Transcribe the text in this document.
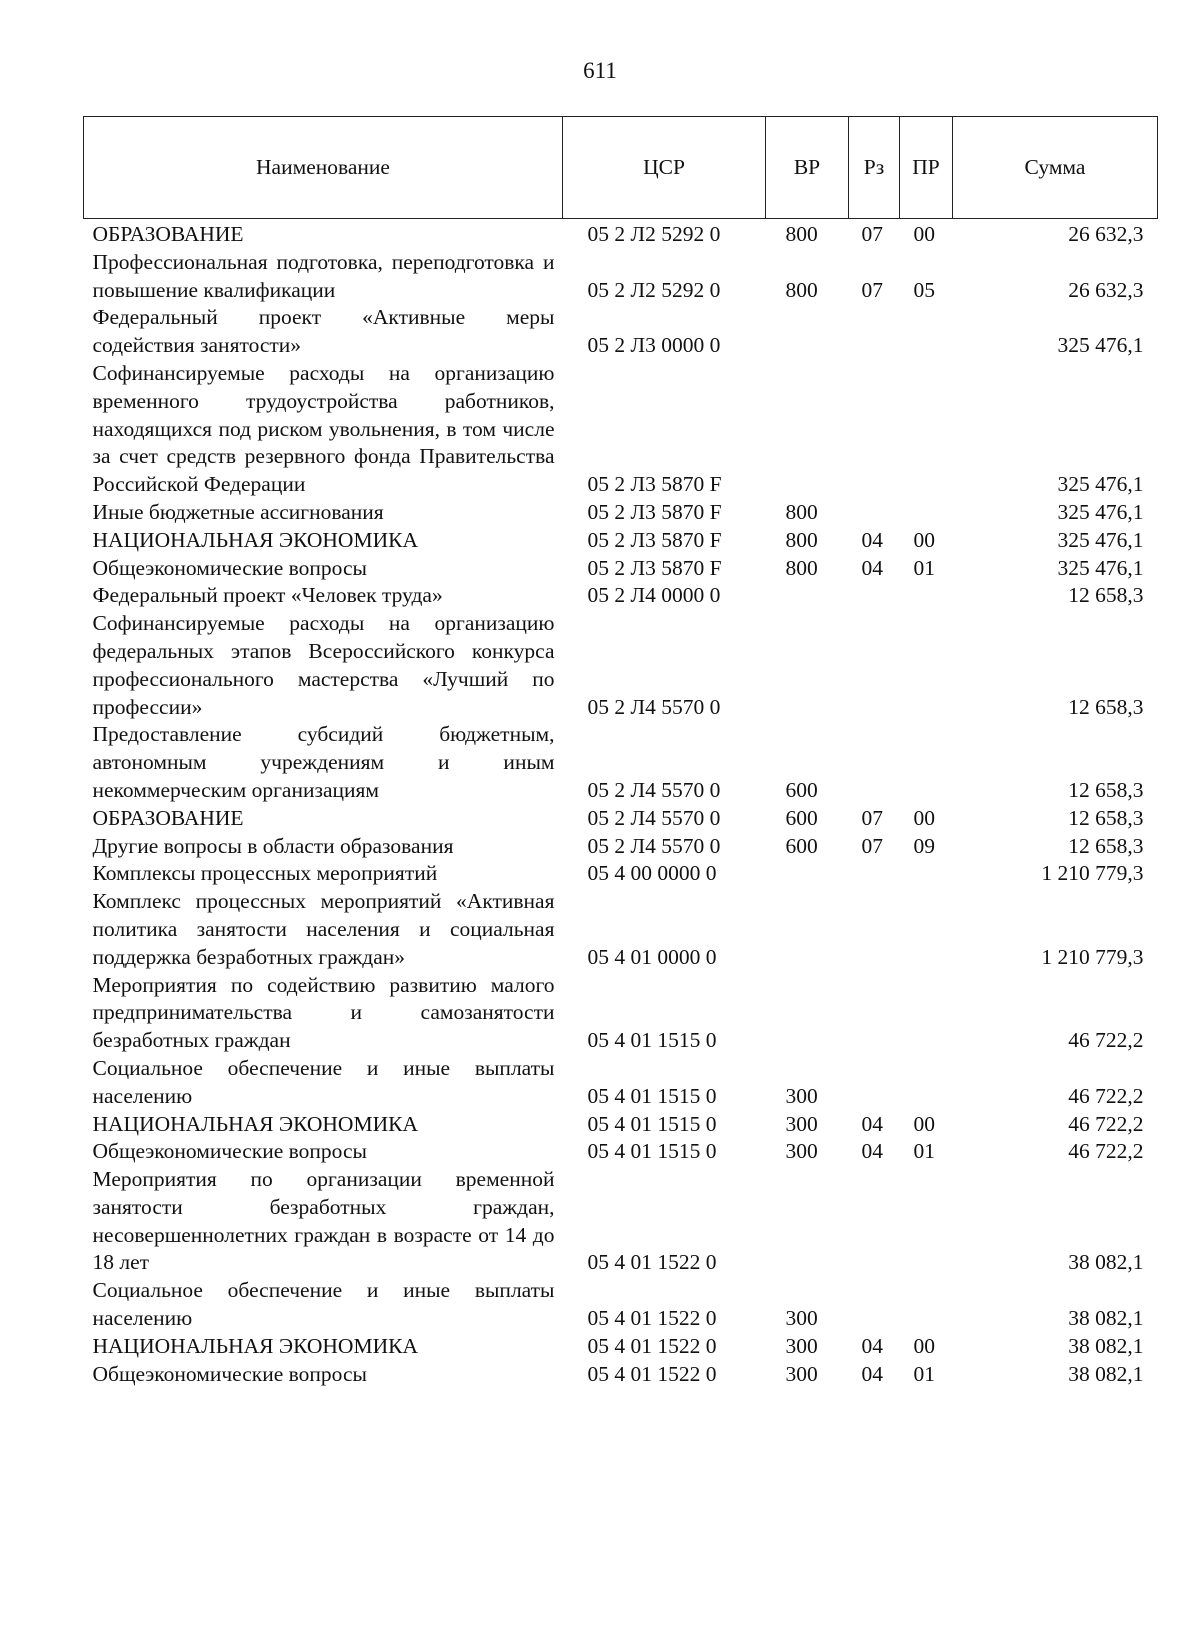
611
Наименование	ЦСР	ВР	Рз	ПР	Сумма
ОБРАЗОВАНИЕ	05 2 Л2 5292 0	800	07	00	26 632,3
Профессиональная подготовка, переподготовка и повышение квалификации	05 2 Л2 5292 0	800	07	05	26 632,3
Федеральный проект «Активные меры содействия занятости»	05 2 Л3 0000 0				325 476,1
Софинансируемые расходы на организацию временного трудоустройства работников, находящихся под риском увольнения, в том числе за счет средств резервного фонда Правительства Российской Федерации	05 2 Л3 5870 F				325 476,1
Иные бюджетные ассигнования	05 2 Л3 5870 F	800			325 476,1
НАЦИОНАЛЬНАЯ ЭКОНОМИКА	05 2 Л3 5870 F	800	04	00	325 476,1
Общеэкономические вопросы	05 2 Л3 5870 F	800	04	01	325 476,1
Федеральный проект «Человек труда»	05 2 Л4 0000 0				12 658,3
Софинансируемые расходы на организацию федеральных этапов Всероссийского конкурса профессионального мастерства «Лучший по профессии»	05 2 Л4 5570 0				12 658,3
Предоставление субсидий бюджетным, автономным учреждениям и иным некоммерческим организациям	05 2 Л4 5570 0	600			12 658,3
ОБРАЗОВАНИЕ	05 2 Л4 5570 0	600	07	00	12 658,3
Другие вопросы в области образования	05 2 Л4 5570 0	600	07	09	12 658,3
Комплексы процессных мероприятий	05 4 00 0000 0				1 210 779,3
Комплекс процессных мероприятий «Активная политика занятости населения и социальная поддержка безработных граждан»	05 4 01 0000 0				1 210 779,3
Мероприятия по содействию развитию малого предпринимательства и самозанятости безработных граждан	05 4 01 1515 0				46 722,2
Социальное обеспечение и иные выплаты населению	05 4 01 1515 0	300			46 722,2
НАЦИОНАЛЬНАЯ ЭКОНОМИКА	05 4 01 1515 0	300	04	00	46 722,2
Общеэкономические вопросы	05 4 01 1515 0	300	04	01	46 722,2
Мероприятия по организации временной занятости безработных граждан, несовершеннолетних граждан в возрасте от 14 до 18 лет	05 4 01 1522 0				38 082,1
Социальное обеспечение и иные выплаты населению	05 4 01 1522 0	300			38 082,1
НАЦИОНАЛЬНАЯ ЭКОНОМИКА	05 4 01 1522 0	300	04	00	38 082,1
Общеэкономические вопросы	05 4 01 1522 0	300	04	01	38 082,1
